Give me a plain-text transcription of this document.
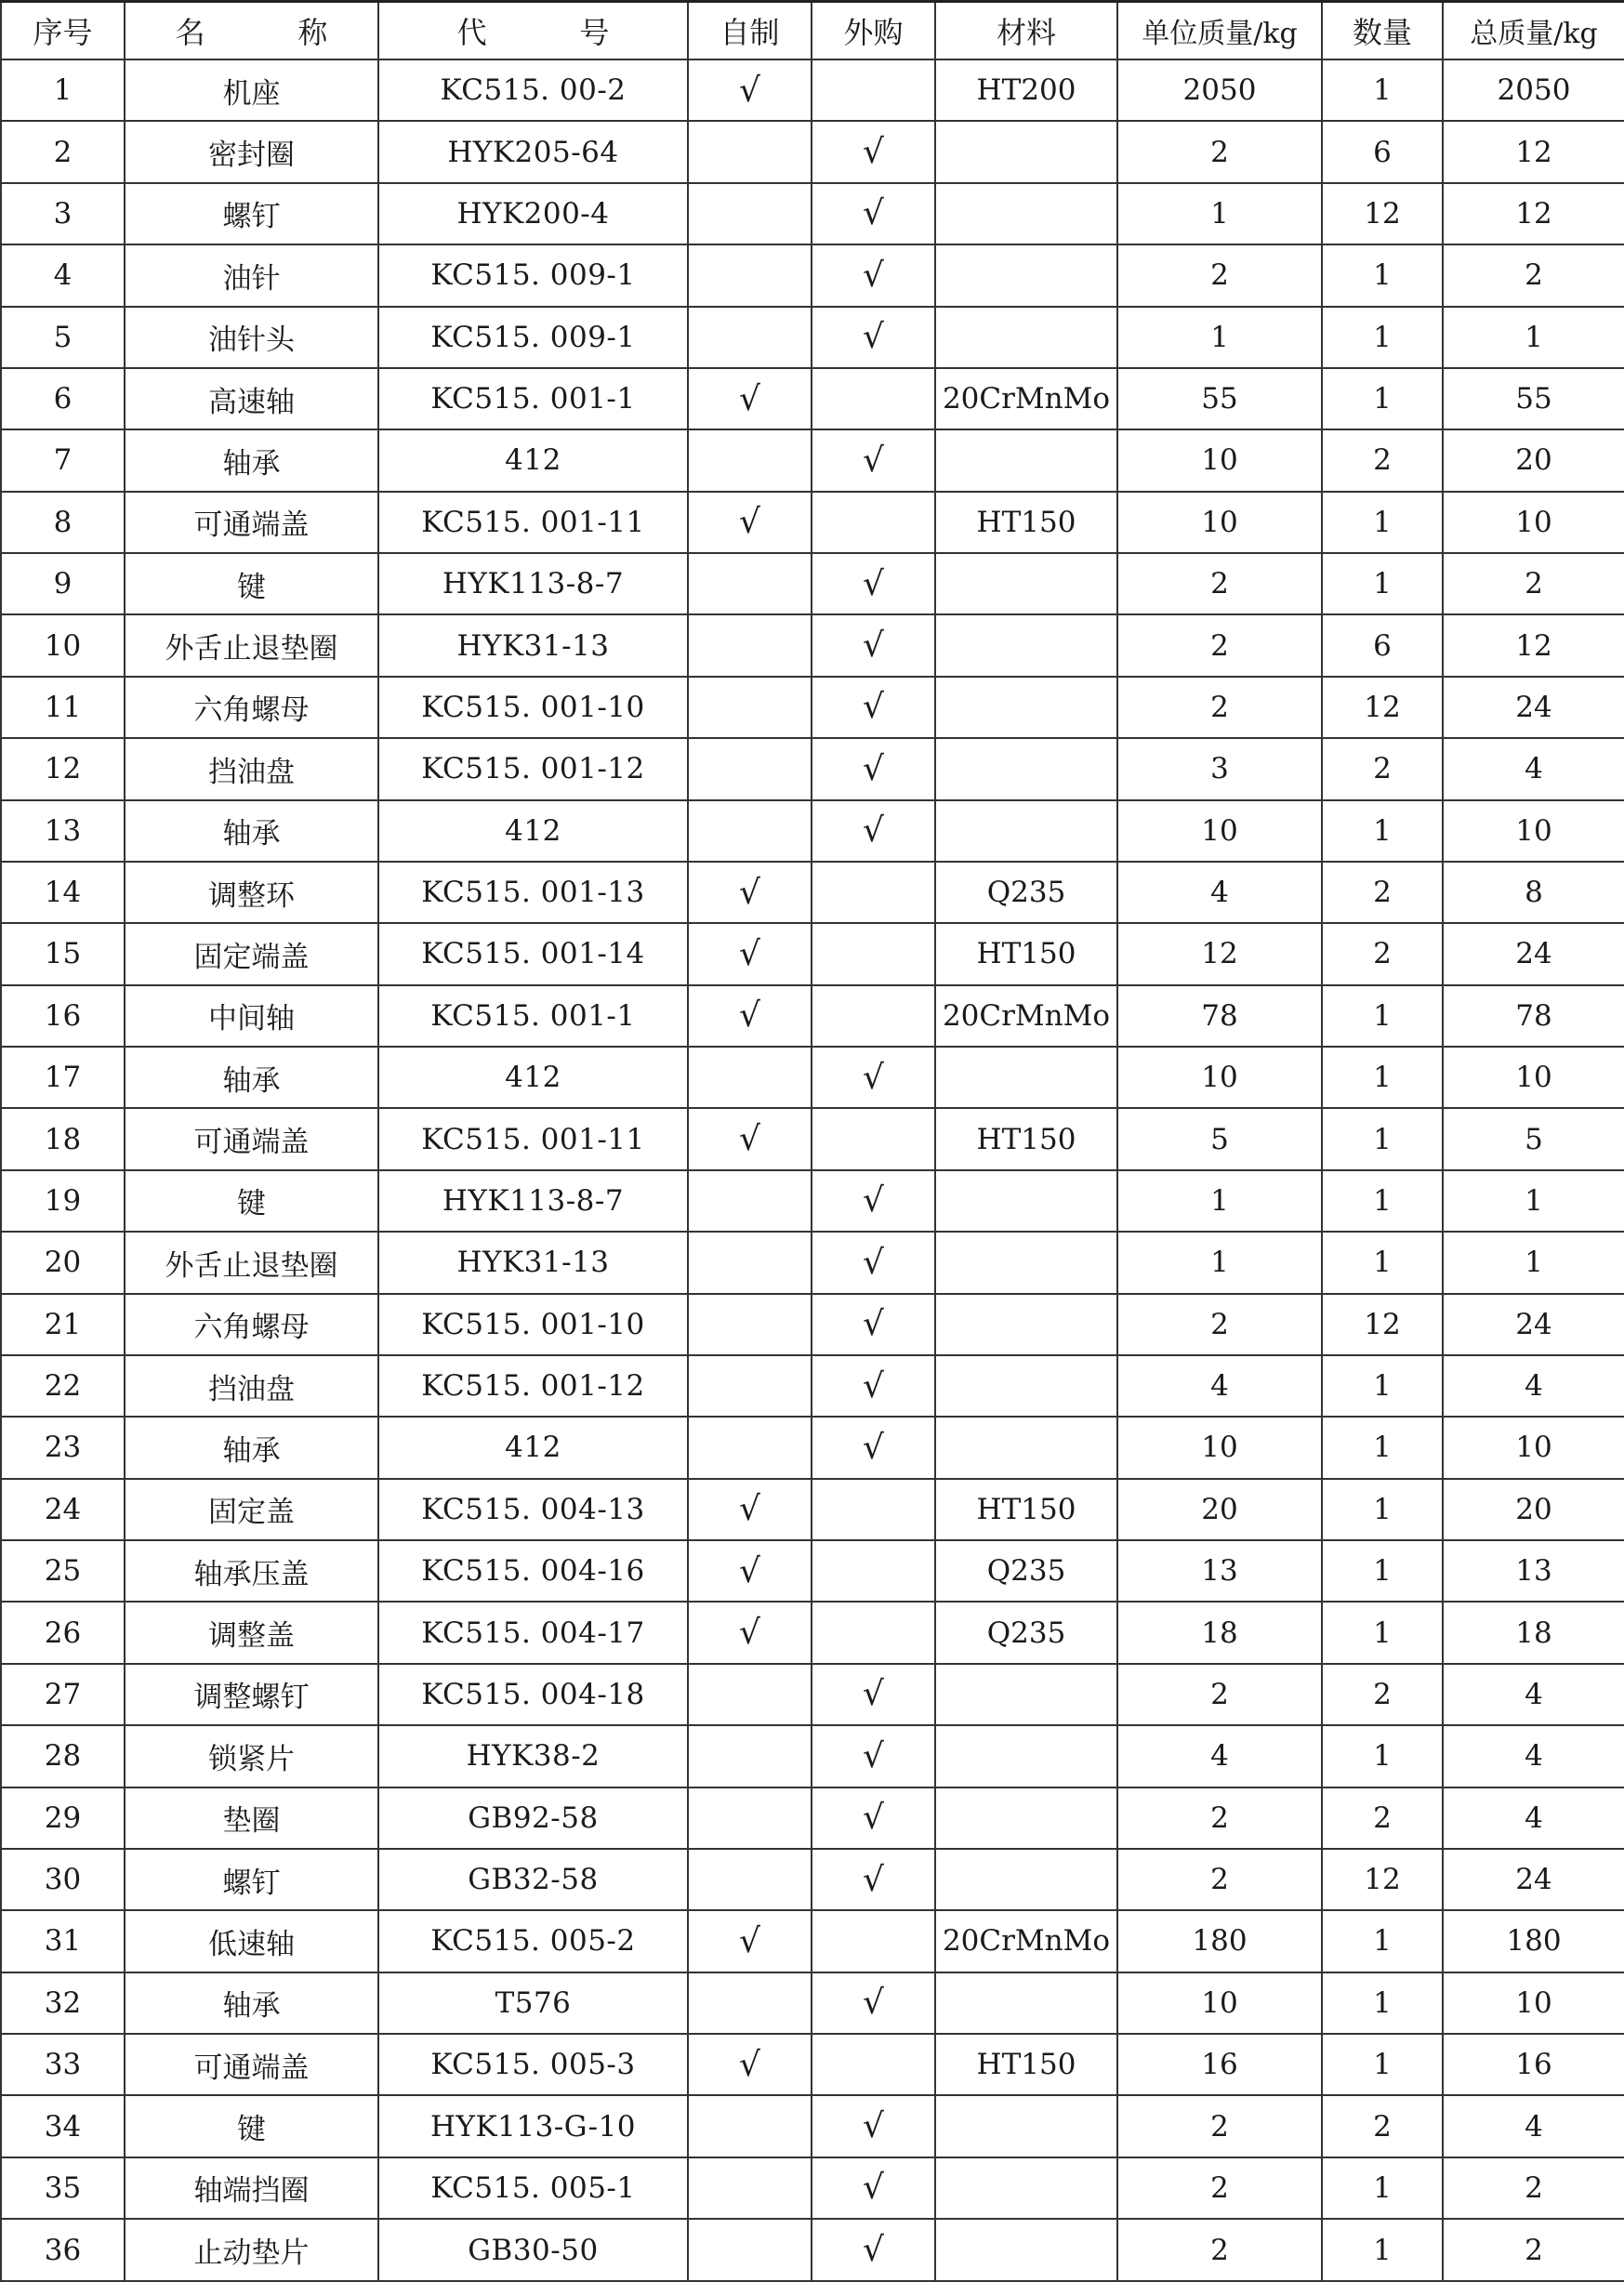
序号	名 称	代 号	自制	外购	材料	单位质量/kg	数量	总质量/kg
1	机座	KC515. 00-2	√		HT200	2050	1	2050
2	密封圈	HYK205-64		√		2	6	12
3	螺钉	HYK200-4		√		1	12	12
4	油针	KC515. 009-1		√		2	1	2
5	油针头	KC515. 009-1		√		1	1	1
6	高速轴	KC515. 001-1	√		20CrMnMo	55	1	55
7	轴承	412		√		10	2	20
8	可通端盖	KC515. 001-11	√		HT150	10	1	10
9	键	HYK113-8-7		√		2	1	2
10	外舌止退垫圈	HYK31-13		√		2	6	12
11	六角螺母	KC515. 001-10		√		2	12	24
12	挡油盘	KC515. 001-12		√		3	2	4
13	轴承	412		√		10	1	10
14	调整环	KC515. 001-13	√		Q235	4	2	8
15	固定端盖	KC515. 001-14	√		HT150	12	2	24
16	中间轴	KC515. 001-1	√		20CrMnMo	78	1	78
17	轴承	412		√		10	1	10
18	可通端盖	KC515. 001-11	√		HT150	5	1	5
19	键	HYK113-8-7		√		1	1	1
20	外舌止退垫圈	HYK31-13		√		1	1	1
21	六角螺母	KC515. 001-10		√		2	12	24
22	挡油盘	KC515. 001-12		√		4	1	4
23	轴承	412		√		10	1	10
24	固定盖	KC515. 004-13	√		HT150	20	1	20
25	轴承压盖	KC515. 004-16	√		Q235	13	1	13
26	调整盖	KC515. 004-17	√		Q235	18	1	18
27	调整螺钉	KC515. 004-18		√		2	2	4
28	锁紧片	HYK38-2		√		4	1	4
29	垫圈	GB92-58		√		2	2	4
30	螺钉	GB32-58		√		2	12	24
31	低速轴	KC515. 005-2	√		20CrMnMo	180	1	180
32	轴承	T576		√		10	1	10
33	可通端盖	KC515. 005-3	√		HT150	16	1	16
34	键	HYK113-G-10		√		2	2	4
35	轴端挡圈	KC515. 005-1		√		2	1	2
36	止动垫片	GB30-50		√		2	1	2
